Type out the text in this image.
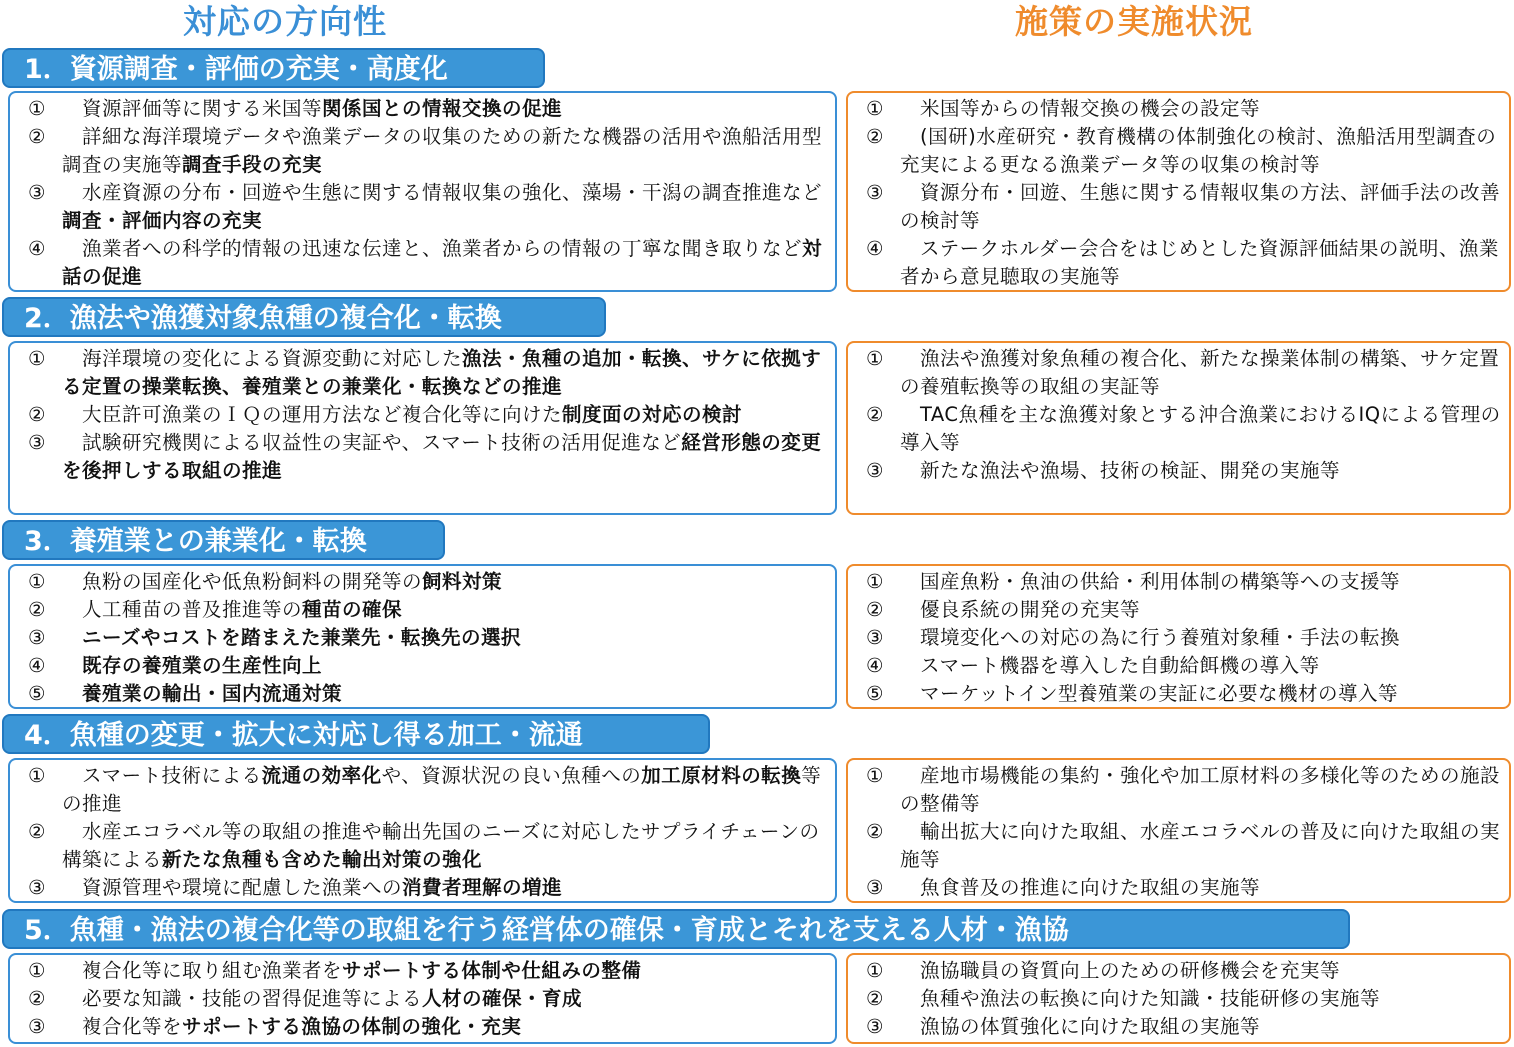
対応の方向性	施策の実施状況
1．資源調査・評価の充実・高度化
① 資源評価等に関する米国等関係国との情報交換の促進
② 詳細な海洋環境データや漁業データの収集のための新たな機器の活用や漁船活用型調査の実施等調査手段の充実
③ 水産資源の分布・回遊や生態に関する情報収集の強化、藻場・干潟の調査推進など調査・評価内容の充実
④ 漁業者への科学的情報の迅速な伝達と、漁業者からの情報の丁寧な聞き取りなど対話の促進
① 米国等からの情報交換の機会の設定等
② (国研)水産研究・教育機構の体制強化の検討、漁船活用型調査の充実による更なる漁業データ等の収集の検討等
③ 資源分布・回遊、生態に関する情報収集の方法、評価手法の改善の検討等
④ ステークホルダー会合をはじめとした資源評価結果の説明、漁業者から意見聴取の実施等
2．漁法や漁獲対象魚種の複合化・転換
① 海洋環境の変化による資源変動に対応した漁法・魚種の追加・転換、サケに依拠する定置の操業転換、養殖業との兼業化・転換などの推進
② 大臣許可漁業のＩＱの運用方法など複合化等に向けた制度面の対応の検討
③ 試験研究機関による収益性の実証や、スマート技術の活用促進など経営形態の変更を後押しする取組の推進
① 漁法や漁獲対象魚種の複合化、新たな操業体制の構築、サケ定置の養殖転換等の取組の実証等
② TAC魚種を主な漁獲対象とする沖合漁業におけるIQによる管理の導入等
③ 新たな漁法や漁場、技術の検証、開発の実施等
3．養殖業との兼業化・転換
① 魚粉の国産化や低魚粉飼料の開発等の飼料対策
② 人工種苗の普及推進等の種苗の確保
③ ニーズやコストを踏まえた兼業先・転換先の選択
④ 既存の養殖業の生産性向上
⑤ 養殖業の輸出・国内流通対策
① 国産魚粉・魚油の供給・利用体制の構築等への支援等
② 優良系統の開発の充実等
③ 環境変化への対応の為に行う養殖対象種・手法の転換
④ スマート機器を導入した自動給餌機の導入等
⑤ マーケットイン型養殖業の実証に必要な機材の導入等
4．魚種の変更・拡大に対応し得る加工・流通
① スマート技術による流通の効率化や、資源状況の良い魚種への加工原材料の転換等の推進
② 水産エコラベル等の取組の推進や輸出先国のニーズに対応したサプライチェーンの構築による新たな魚種も含めた輸出対策の強化
③ 資源管理や環境に配慮した漁業への消費者理解の増進
① 産地市場機能の集約・強化や加工原材料の多様化等のための施設の整備等
② 輸出拡大に向けた取組、水産エコラベルの普及に向けた取組の実施等
③ 魚食普及の推進に向けた取組の実施等
5．魚種・漁法の複合化等の取組を行う経営体の確保・育成とそれを支える人材・漁協
① 複合化等に取り組む漁業者をサポートする体制や仕組みの整備
② 必要な知識・技能の習得促進等による人材の確保・育成
③ 複合化等をサポートする漁協の体制の強化・充実
① 漁協職員の資質向上のための研修機会を充実等
② 魚種や漁法の転換に向けた知識・技能研修の実施等
③ 漁協の体質強化に向けた取組の実施等
